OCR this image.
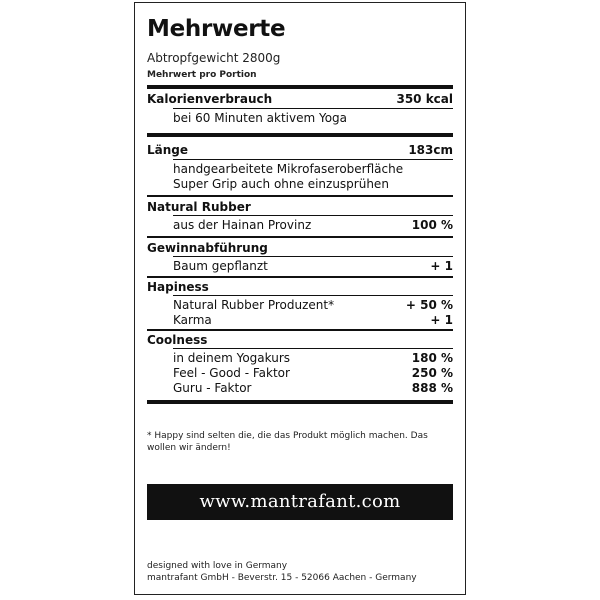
Mehrwerte
Abtropfgewicht 2800g
Mehrwert pro Portion
Kalorienverbrauch	350 kcal
bei 60 Minuten aktivem Yoga
Länge	183cm
handgearbeitete Mikrofaseroberfläche
Super Grip auch ohne einzusprühen
Natural Rubber
aus der Hainan Provinz	100 %
Gewinnabführung
Baum gepflanzt	+ 1
Hapiness
Natural Rubber Produzent*	+ 50 %
Karma	+ 1
Coolness
in deinem Yogakurs	180 %
Feel - Good - Faktor	250 %
Guru - Faktor	888 %
* Happy sind selten die, die das Produkt möglich machen. Das wollen wir ändern!
www.mantrafant.com
designed with love in Germany
mantrafant GmbH - Beverstr. 15 - 52066 Aachen - Germany
